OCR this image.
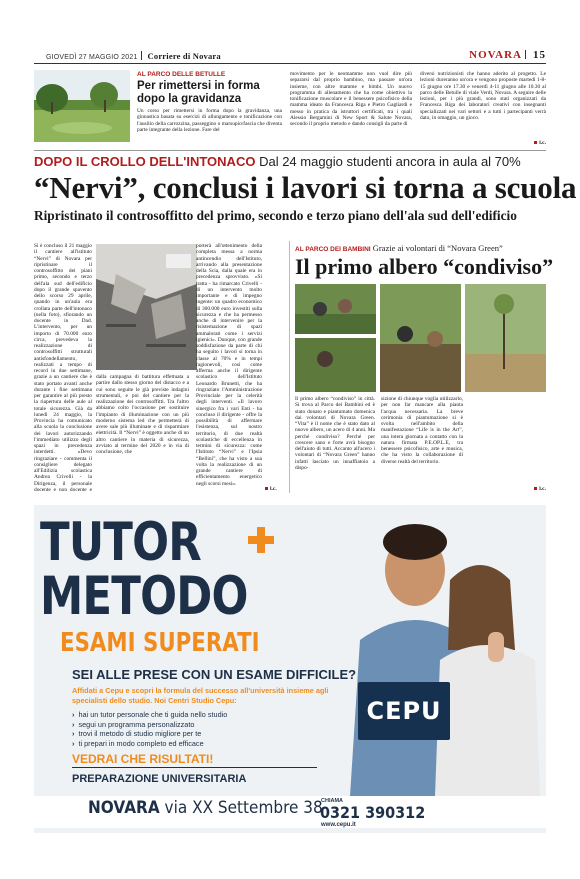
GIOVEDÌ 27 MAGGIO 2021 Corriere di Novara	NOVARA 15
AL PARCO DELLE BETULLE
Per rimettersi in forma dopo la gravidanza
Un corso per rimettersi in forma dopo la gravidanza, una ginnastica basata su esercizi di allungamento e tonificazione con l'ausilio della carrozzina, passeggino o marsupio/fascia che diventa parte integrante della lezione. Fare del
movimento per le neomamme non vuol dire più separarsi dal proprio bambino, ma passare un'ora insieme, con altre mamme e bimbi. Un nuovo programma di allenamento che ha come obiettivo la tonificazione muscolare e il benessere psicofisico della mamma ideato da Francesca Riga e Pietro Gagliardi e messo in pratica da istruttori certificati, tra i quali Alessio Bergamini di New Sport & Salute Novara, secondo il proprio metodo e dando consigli da parte di
diversi nutrizionisti che hanno aderito al progetto. Le lezioni dureranno un'ora e vengono proposte martedì 1-8-15 giugno ore 17.30 e venerdì 4-11 giugno alle 10.30 al parco delle Betulle di viale Verdi, Novara. A seguire delle lezioni, per i più grandi, sono stati organizzati da Francesca Riga dei laboratori creativi con insegnanti specializzati nei vari settori e a tutti i partecipanti verrà dato, in omaggio, un gioco.
l.c.
DOPO IL CROLLO DELL'INTONACO Dal 24 maggio studenti ancora in aula al 70%
“Nervi”, conclusi i lavori si torna a scuola
Ripristinato il controsoffitto del primo, secondo e terzo piano dell'ala sud dell'edificio
Si è concluso il 21 maggio il cantiere all'istituto “Nervi” di Novara per ripristinare il controsoffitto dei piani primo, secondo e terzo dell'ala sud dell'edificio dopo il grande spavento dello scorso 29 aprile, quando in un'aula era crollata parte dell'intonaco (nella foto), sfiorando un docente in Dad. L'intervento, per un importo di 70.000 euro circa, prevedeva la realizzazione di controsoffitti strutturali antisfondellamento, realizzati a tempo di record in due settimane, grazie a un cantiere che è stato portato avanti anche durante i fine settimana per garantire al più presto la riapertura delle aule al totale sicurezza. Già da lunedì 24 maggio, la Provincia ha comunicato alla scuola la conclusione dei lavori autorizzando l'immediato utilizzo degli spazi in precedenza interdetti. «Devo ringraziare - commenta il consigliere delegato all'Edilizia scolastica Andrea Crivelli - la Dirigenza, il personale docente e non docente e
dalla campagna di battitura effettuata a partire dallo stesso giorno del distacco e a cui sono seguite le già previste indagini strumentali, e poi del cantiere per la realizzazione dei controsoffitti. Tra l'altro abbiamo colto l'occasione per sostituire l'impianto di illuminazione con un più moderno sistema led che permetterà di avere sale più illuminate e di risparmiare elettricità. Il “Nervi” è oggetto anche di un altro cantiere in materia di sicurezza, avviato al termine del 2020 e in via di conclusione, che
porterà all'ottenimento della completa messa a norma antincendio dell'Istituto, arrivando alla presentazione della Scia, dalla quale era in precedenza sprovvisto. «Si tratta - ha rimarcato Crivelli - di un intervento molto importante e di impegno ingente: un quadro economico di 300.000 euro investiti sulla sicurezza e che ha permesso anche di intervenire per la risistemazione di spazi ammalorati come i servizi igienici». Dunque, con grande soddisfazione da parte di chi ha seguito i lavori si torna in classe al 70% e in tempi ragionevoli, così come afferma anche il dirigente scolastico dell'Istituto Leonardo Brunetti, che ha ringraziato l'Amministrazione Provinciale per la celerità degli interventi. «Il lavoro sinergico fra i vari Enti - ha concluso il dirigente - offre la possibilità di affermare l'esistenza, sul nostro territorio, di due realtà scolastiche di eccellenza in termini di sicurezza: come l'Istituto “Nervi” e l'Ipsia “Bellini”, che ha visto a sua volta la realizzazione di un grande cantiere di efficientamento energetico negli scorsi mesi».
l.c.
AL PARCO DEI BAMBINI Grazie ai volontari di “Novara Green”
Il primo albero “condiviso”
Il primo albero “condiviso” in città. Si trova al Parco dei Bambini ed è stato donato e piantumato domenica dai volontari di Novara Green. “Vita” è il nome che è stato dato al nuovo albero, un acero di 4 anni. Ma perché condiviso? Perché per crescere sano e forte avrà bisogno dell'aiuto di tutti. Accanto all'acero i volontari di “Novara Green” hanno infatti lasciato un innaffiatoio a dispo-
sizione di chiunque voglia utilizzarlo, per non far mancare alla pianta l'acqua necessaria. La breve cerimonia di piantumazione si è svolta nell'ambito della manifestazione “Life is in the Art”, una intera giornata a contatto con la natura firmata P.E.OP.L.E, tra benessere psicofisico, arte e musica, che ha visto la collaborazione di diverse realtà del territorio.
l.c.
CEPU
TUTOR
METODO
ESAMI SUPERATI
SEI ALLE PRESE CON UN ESAME DIFFICILE?
Affidati a Cepu e scopri la formula del successo all'università insieme agli specialisti dello studio. Noi Centri Studio Cepu:
› hai un tutor personale che ti guida nello studio
› segui un programma personalizzato
› trovi il metodo di studio migliore per te
› ti prepari in modo completo ed efficace
VEDRAI CHE RISULTATI!
PREPARAZIONE UNIVERSITARIA
NOVARA via XX Settembre 38
CHIAMA
0321 390312
www.cepu.it
